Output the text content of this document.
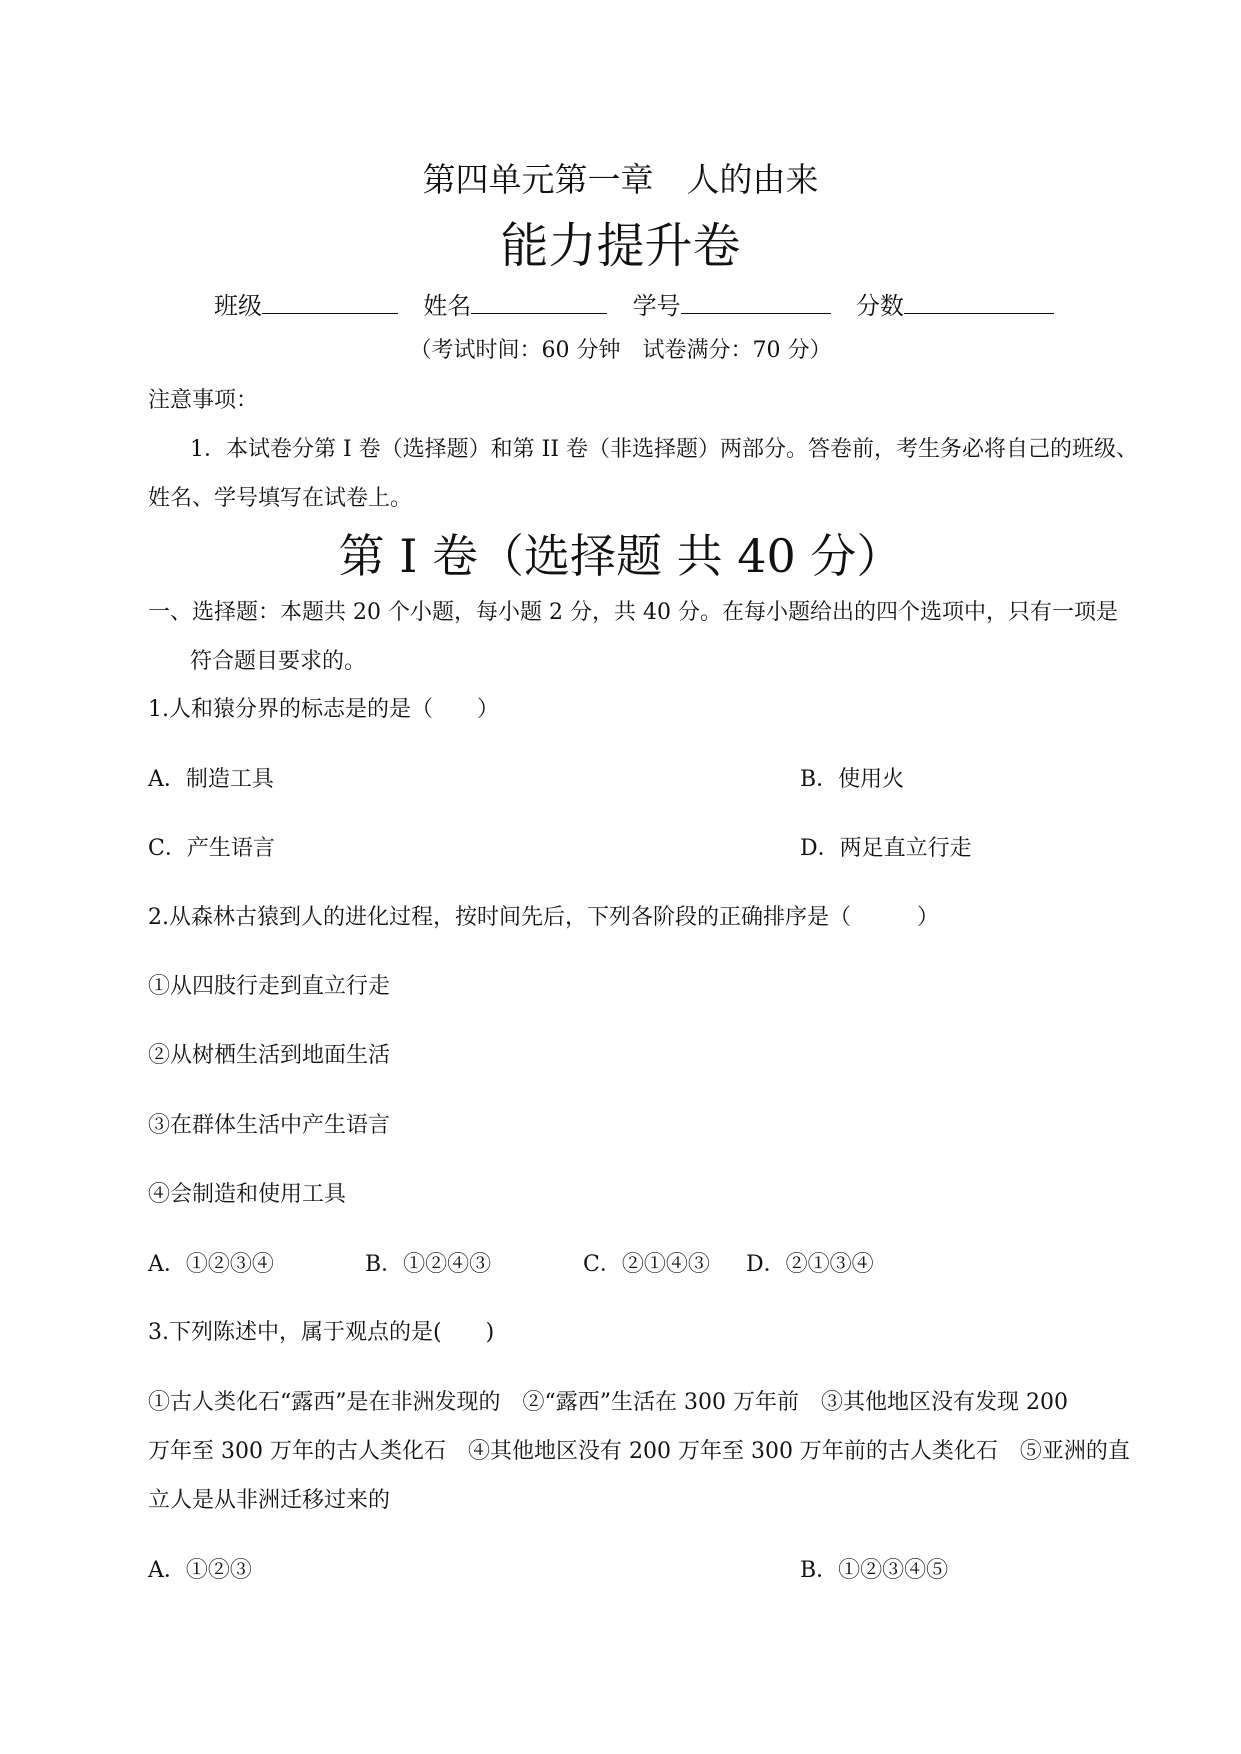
第四单元第一章　人的由来
能力提升卷
班级	姓名	学号	分数
（考试时间：60 分钟　试卷满分：70 分）
注意事项：
1．本试卷分第 I 卷（选择题）和第 II 卷（非选择题）两部分。答卷前，考生务必将自己的班级、
姓名、学号填写在试卷上。
第 I 卷（选择题 共 40 分）
一、选择题：本题共 20 个小题，每小题 2 分，共 40 分。在每小题给出的四个选项中，只有一项是
符合题目要求的。
1.人和猿分界的标志是的是（　　）
A．制造工具	B．使用火
C．产生语言	D．两足直立行走
2.从森林古猿到人的进化过程，按时间先后，下列各阶段的正确排序是（　　　）
①从四肢行走到直立行走
②从树栖生活到地面生活
③在群体生活中产生语言
④会制造和使用工具
A．①②③④	B．①②④③	C．②①④③ D．②①③④
3.下列陈述中，属于观点的是(　　)
①古人类化石“露西”是在非洲发现的　②“露西”生活在 300 万年前　③其他地区没有发现 200
万年至 300 万年的古人类化石　④其他地区没有 200 万年至 300 万年前的古人类化石　⑤亚洲的直
立人是从非洲迁移过来的
A．①②③	B．①②③④⑤
